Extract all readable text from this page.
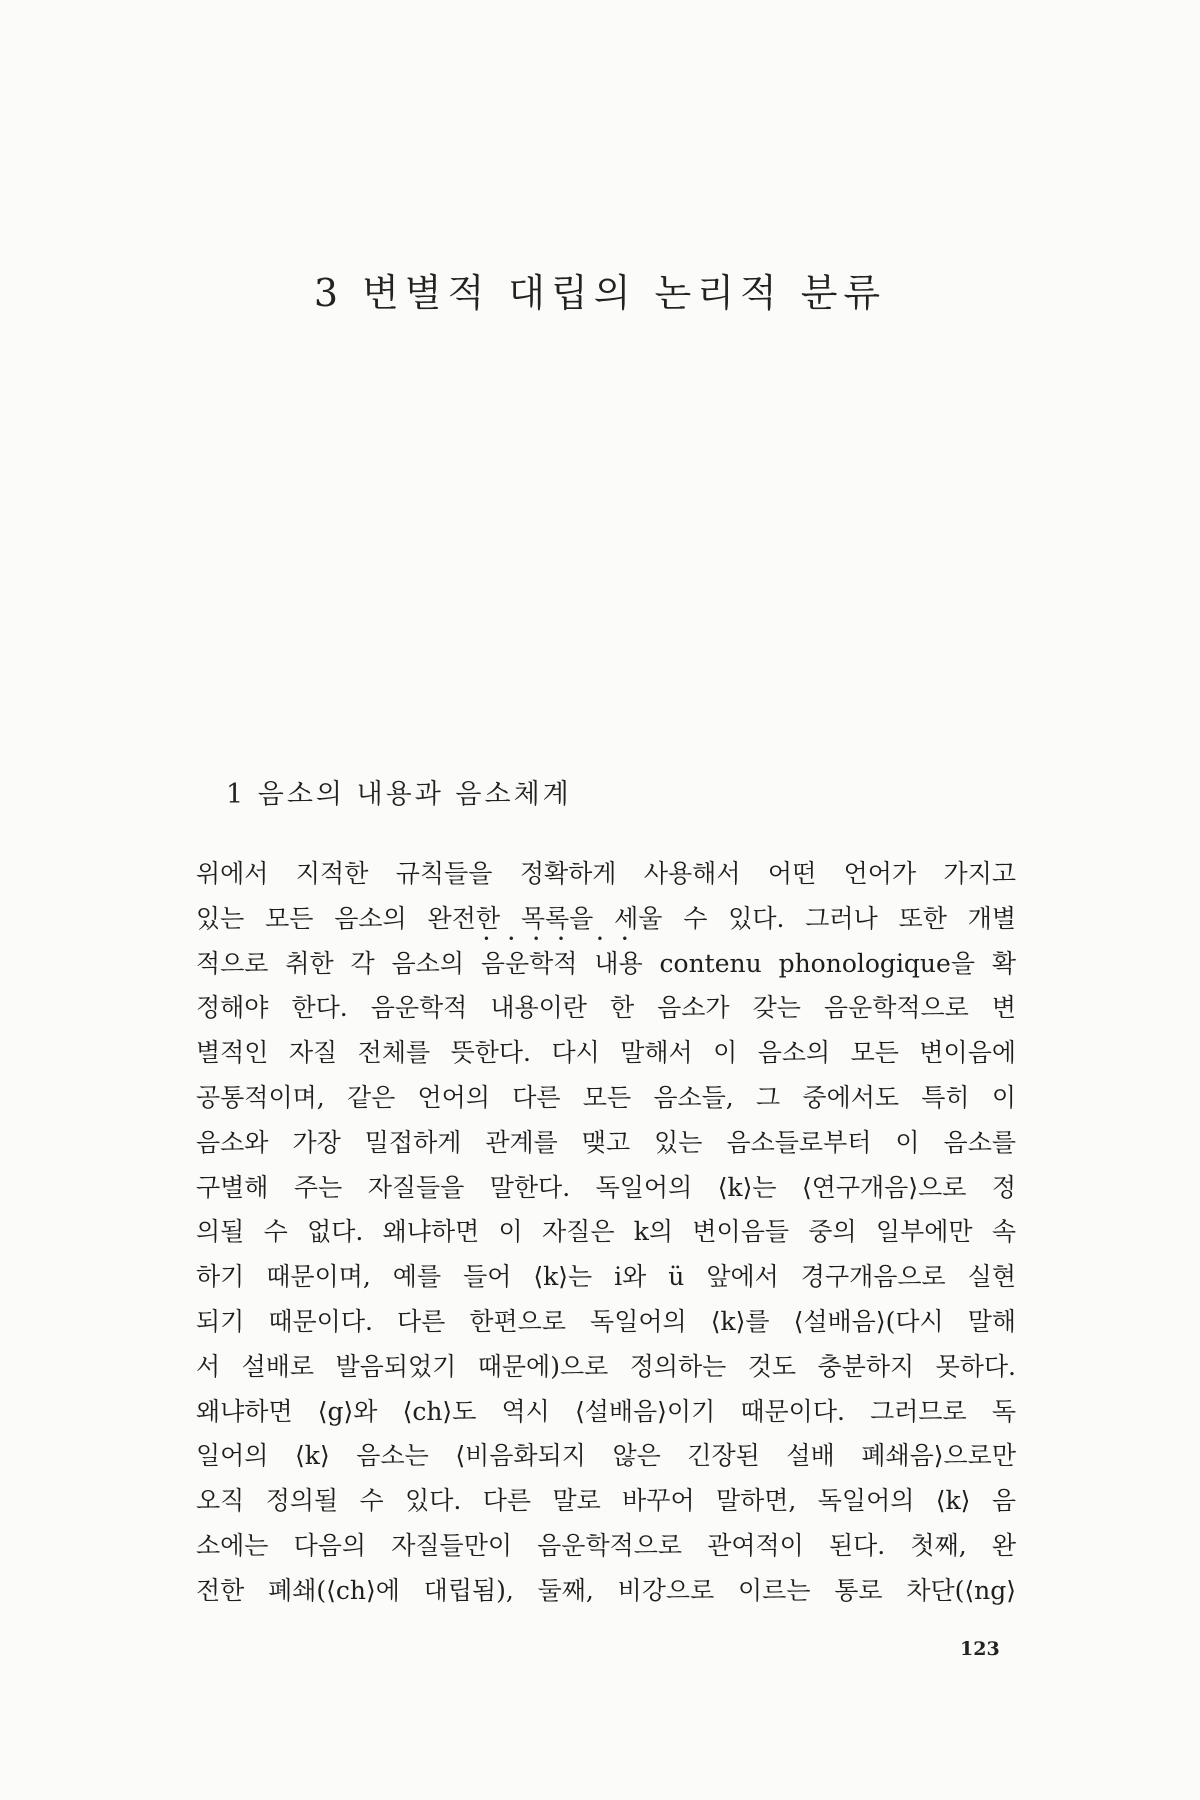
3 변별적 대립의 논리적 분류
1 음소의 내용과 음소체계
위에서 지적한 규칙들을 정확하게 사용해서 어떤 언어가 가지고
있는 모든 음소의 완전한 목록을 세울 수 있다. 그러나 또한 개별
적으로 취한 각 음소의 • • • • 음운학적 • • 내용 contenu phonologique을 확
정해야 한다. 음운학적 내용이란 한 음소가 갖는 음운학적으로 변
별적인 자질 전체를 뜻한다. 다시 말해서 이 음소의 모든 변이음에
공통적이며, 같은 언어의 다른 모든 음소들, 그 중에서도 특히 이
음소와 가장 밀접하게 관계를 맺고 있는 음소들로부터 이 음소를
구별해 주는 자질들을 말한다. 독일어의 ⟨k⟩는 ⟨연구개음⟩으로 정
의될 수 없다. 왜냐하면 이 자질은 k의 변이음들 중의 일부에만 속
하기 때문이며, 예를 들어 ⟨k⟩는 i와 ü 앞에서 경구개음으로 실현
되기 때문이다. 다른 한편으로 독일어의 ⟨k⟩를 ⟨설배음⟩(다시 말해
서 설배로 발음되었기 때문에)으로 정의하는 것도 충분하지 못하다.
왜냐하면 ⟨g⟩와 ⟨ch⟩도 역시 ⟨설배음⟩이기 때문이다. 그러므로 독
일어의 ⟨k⟩ 음소는 ⟨비음화되지 않은 긴장된 설배 폐쇄음⟩으로만
오직 정의될 수 있다. 다른 말로 바꾸어 말하면, 독일어의 ⟨k⟩ 음
소에는 다음의 자질들만이 음운학적으로 관여적이 된다. 첫째, 완
전한 폐쇄(⟨ch⟩에 대립됨), 둘째, 비강으로 이르는 통로 차단(⟨ng⟩
123
